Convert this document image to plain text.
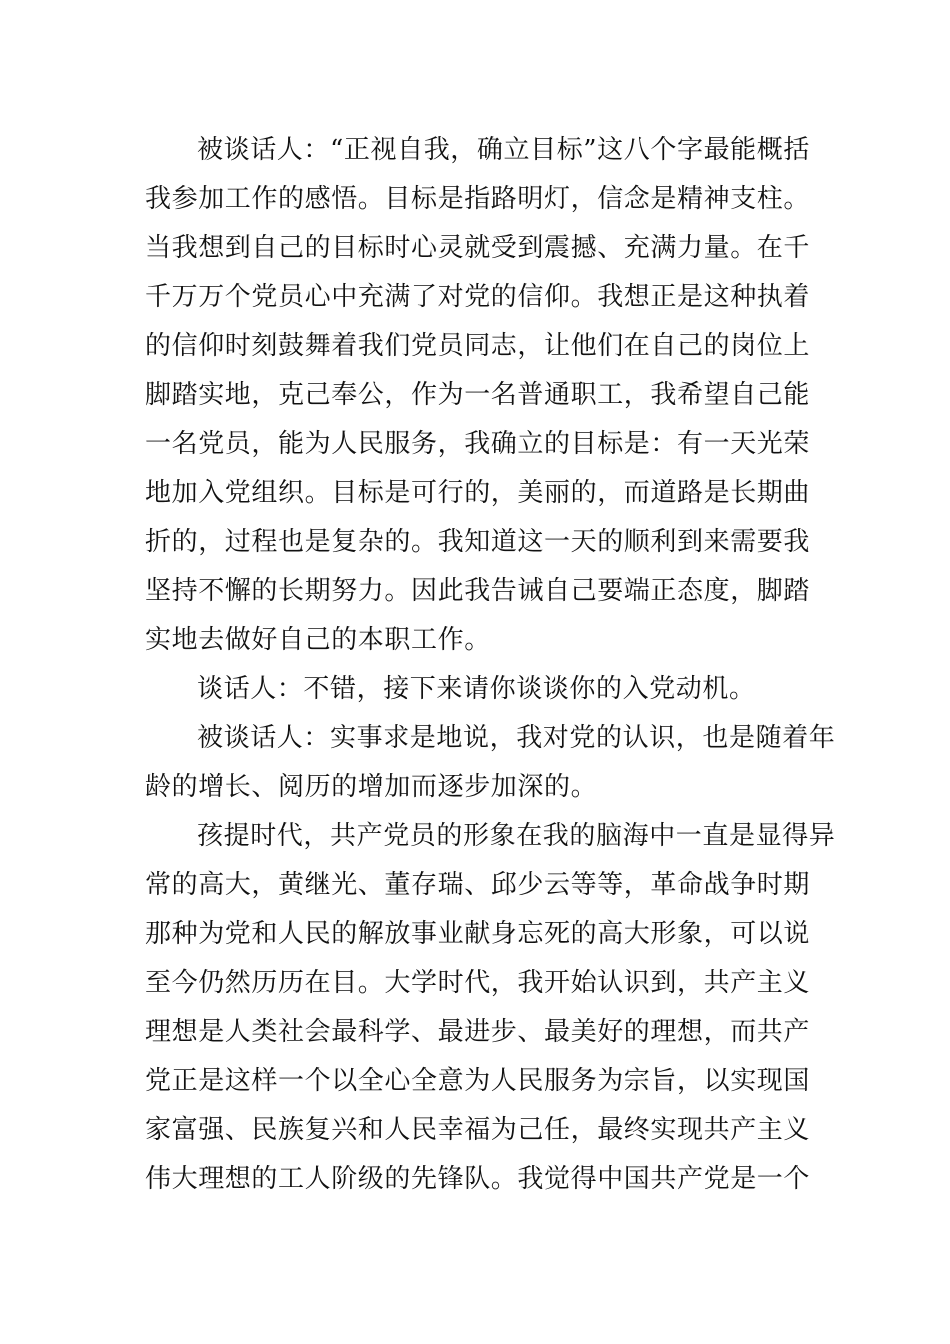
被谈话人：“正视自我，确立目标”这八个字最能概括
我参加工作的感悟。目标是指路明灯，信念是精神支柱。
当我想到自己的目标时心灵就受到震撼、充满力量。在千
千万万个党员心中充满了对党的信仰。我想正是这种执着
的信仰时刻鼓舞着我们党员同志，让他们在自己的岗位上
脚踏实地，克己奉公，作为一名普通职工，我希望自己能
一名党员，能为人民服务，我确立的目标是：有一天光荣
地加入党组织。目标是可行的，美丽的，而道路是长期曲
折的，过程也是复杂的。我知道这一天的顺利到来需要我
坚持不懈的长期努力。因此我告诫自己要端正态度，脚踏
实地去做好自己的本职工作。

谈话人：不错，接下来请你谈谈你的入党动机。

被谈话人：实事求是地说，我对党的认识，也是随着年
龄的增长、阅历的增加而逐步加深的。

孩提时代，共产党员的形象在我的脑海中一直是显得异
常的高大，黄继光、董存瑞、邱少云等等，革命战争时期
那种为党和人民的解放事业献身忘死的高大形象，可以说
至今仍然历历在目。大学时代，我开始认识到，共产主义
理想是人类社会最科学、最进步、最美好的理想，而共产
党正是这样一个以全心全意为人民服务为宗旨，以实现国
家富强、民族复兴和人民幸福为己任，最终实现共产主义
伟大理想的工人阶级的先锋队。我觉得中国共产党是一个
